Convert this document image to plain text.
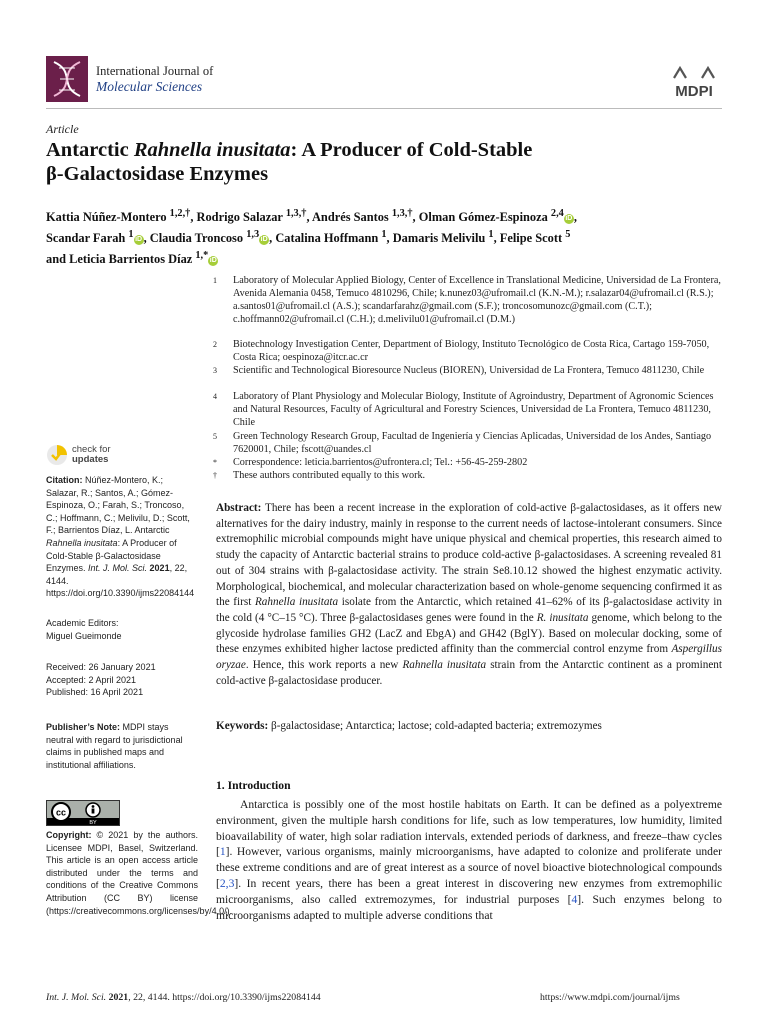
International Journal of
Molecular Sciences	MDPI
Article
Antarctic Rahnella inusitata: A Producer of Cold-Stable
β-Galactosidase Enzymes
Kattia Núñez-Montero $^{1,2,\dagger}$, Rodrigo Salazar $^{1,3,\dagger}$, Andrés Santos $^{1,3,\dagger}$, Olman Gómez-Espinoza $^{2,4}$ iD ,
Scandar Farah $^1$ iD , Claudia Troncoso $^{1,3}$ iD , Catalina Hoffmann $^1$, Damaris Melivilu $^1$, Felipe Scott $^5$
and Leticia Barrientos Díaz $^{1,*}$ iD
1	Laboratory of Molecular Applied Biology, Center of Excellence in Translational Medicine, Universidad de La Frontera, Avenida Alemania 0458, Temuco 4810296, Chile; k.nunez03@ufromail.cl (K.N.-M.); r.salazar04@ufromail.cl (R.S.); a.santos01@ufromail.cl (A.S.); scandarfarahz@gmail.com (S.F.); troncosomunozc@gmail.com (C.T.); c.hoffmann02@ufromail.cl (C.H.); d.melivilu01@ufromail.cl (D.M.)
2	Biotechnology Investigation Center, Department of Biology, Instituto Tecnológico de Costa Rica, Cartago 159-7050, Costa Rica; oespinoza@itcr.ac.cr
3	Scientific and Technological Bioresource Nucleus (BIOREN), Universidad de La Frontera, Temuco 4811230, Chile
4	Laboratory of Plant Physiology and Molecular Biology, Institute of Agroindustry, Department of Agronomic Sciences and Natural Resources, Faculty of Agricultural and Forestry Sciences, Universidad de La Frontera, Temuco 4811230, Chile
5	Green Technology Research Group, Facultad de Ingeniería y Ciencias Aplicadas, Universidad de los Andes, Santiago 7620001, Chile; fscott@uandes.cl
*	Correspondence: leticia.barrientos@ufrontera.cl; Tel.: +56-45-259-2802
†	These authors contributed equally to this work.
check for
updates
Citation: Núñez-Montero, K.; Salazar, R.; Santos, A.; Gómez-Espinoza, O.; Farah, S.; Troncoso, C.; Hoffmann, C.; Melivilu, D.; Scott, F.; Barrientos Díaz, L. Antarctic Rahnella inusitata: A Producer of Cold-Stable β-Galactosidase Enzymes. Int. J. Mol. Sci. 2021, 22, 4144. https://doi.org/10.3390/ijms22084144
Academic Editors:
Miguel Gueimonde
Received: 26 January 2021
Accepted: 2 April 2021
Published: 16 April 2021
Publisher’s Note: MDPI stays neutral with regard to jurisdictional claims in published maps and institutional affiliations.
cc
BY
Copyright: © 2021 by the authors. Licensee MDPI, Basel, Switzerland. This article is an open access article distributed under the terms and conditions of the Creative Commons Attribution (CC BY) license (https://creativecommons.org/licenses/by/4.0/).
Abstract: There has been a recent increase in the exploration of cold-active β-galactosidases, as it offers new alternatives for the dairy industry, mainly in response to the current needs of lactose-intolerant consumers. Since extremophilic microbial compounds might have unique physical and chemical properties, this research aimed to study the capacity of Antarctic bacterial strains to produce cold-active β-galactosidases. A screening revealed 81 out of 304 strains with β-galactosidase activity. The strain Se8.10.12 showed the highest enzymatic activity. Morphological, biochemical, and molecular characterization based on whole-genome sequencing confirmed it as the first Rahnella inusitata isolate from the Antarctic, which retained 41–62% of its β-galactosidase activity in the cold (4 °C–15 °C). Three β-galactosidases genes were found in the R. inusitata genome, which belong to the glycoside hydrolase families GH2 (LacZ and EbgA) and GH42 (BglY). Based on molecular docking, some of these enzymes exhibited higher lactose predicted affinity than the commercial control enzyme from Aspergillus oryzae. Hence, this work reports a new Rahnella inusitata strain from the Antarctic continent as a prominent cold-active β-galactosidase producer.
Keywords: β-galactosidase; Antarctica; lactose; cold-adapted bacteria; extremozymes
1. Introduction
Antarctica is possibly one of the most hostile habitats on Earth. It can be defined as a polyextreme environment, given the multiple harsh conditions for life, such as low temperatures, low humidity, limited bioavailability of water, high solar radiation intervals, extended periods of darkness, and freeze–thaw cycles [1]. However, various organisms, mainly microorganisms, have adapted to colonize and proliferate under these extreme conditions and are of great interest as a source of novel bioactive biotechnological compounds [2,3]. In recent years, there has been a great interest in discovering new enzymes from extremophilic microorganisms, also called extremozymes, for industrial purposes [4]. Such enzymes belong to microorganisms adapted to multiple adverse conditions that
Int. J. Mol. Sci. 2021, 22, 4144. https://doi.org/10.3390/ijms22084144	https://www.mdpi.com/journal/ijms
